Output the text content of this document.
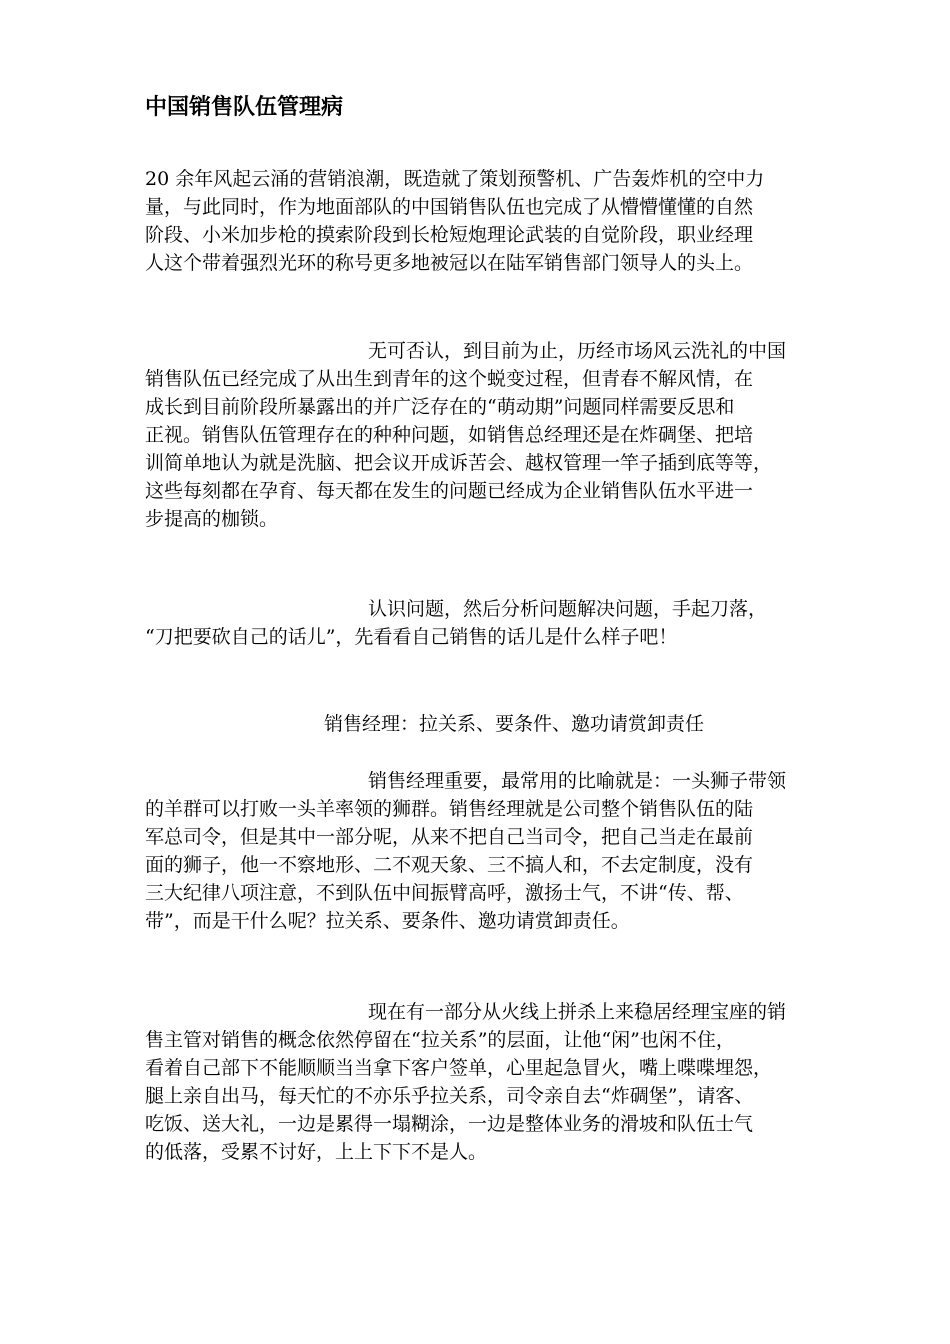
中国销售队伍管理病

20 余年风起云涌的营销浪潮，既造就了策划预警机、广告轰炸机的空中力
量，与此同时，作为地面部队的中国销售队伍也完成了从懵懵懂懂的自然
阶段、小米加步枪的摸索阶段到长枪短炮理论武装的自觉阶段，职业经理
人这个带着强烈光环的称号更多地被冠以在陆军销售部门领导人的头上。

无可否认，到目前为止，历经市场风云洗礼的中国
销售队伍已经完成了从出生到青年的这个蜕变过程，但青春不解风情，在
成长到目前阶段所暴露出的并广泛存在的“萌动期”问题同样需要反思和
正视。销售队伍管理存在的种种问题，如销售总经理还是在炸碉堡、把培
训简单地认为就是洗脑、把会议开成诉苦会、越权管理一竿子插到底等等，
这些每刻都在孕育、每天都在发生的问题已经成为企业销售队伍水平进一
步提高的枷锁。

认识问题，然后分析问题解决问题，手起刀落，
“刀把要砍自己的话儿”，先看看自己销售的话儿是什么样子吧！

销售经理：拉关系、要条件、邀功请赏卸责任

销售经理重要，最常用的比喻就是：一头狮子带领
的羊群可以打败一头羊率领的狮群。销售经理就是公司整个销售队伍的陆
军总司令，但是其中一部分呢，从来不把自己当司令，把自己当走在最前
面的狮子，他一不察地形、二不观天象、三不搞人和，不去定制度，没有
三大纪律八项注意，不到队伍中间振臂高呼，激扬士气，不讲“传、帮、
带”，而是干什么呢？拉关系、要条件、邀功请赏卸责任。

现在有一部分从火线上拼杀上来稳居经理宝座的销
售主管对销售的概念依然停留在“拉关系”的层面，让他“闲”也闲不住，
看着自己部下不能顺顺当当拿下客户签单，心里起急冒火，嘴上喋喋埋怨，
腿上亲自出马，每天忙的不亦乐乎拉关系，司令亲自去“炸碉堡”，请客、
吃饭、送大礼，一边是累得一塌糊涂，一边是整体业务的滑坡和队伍士气
的低落，受累不讨好，上上下下不是人。
